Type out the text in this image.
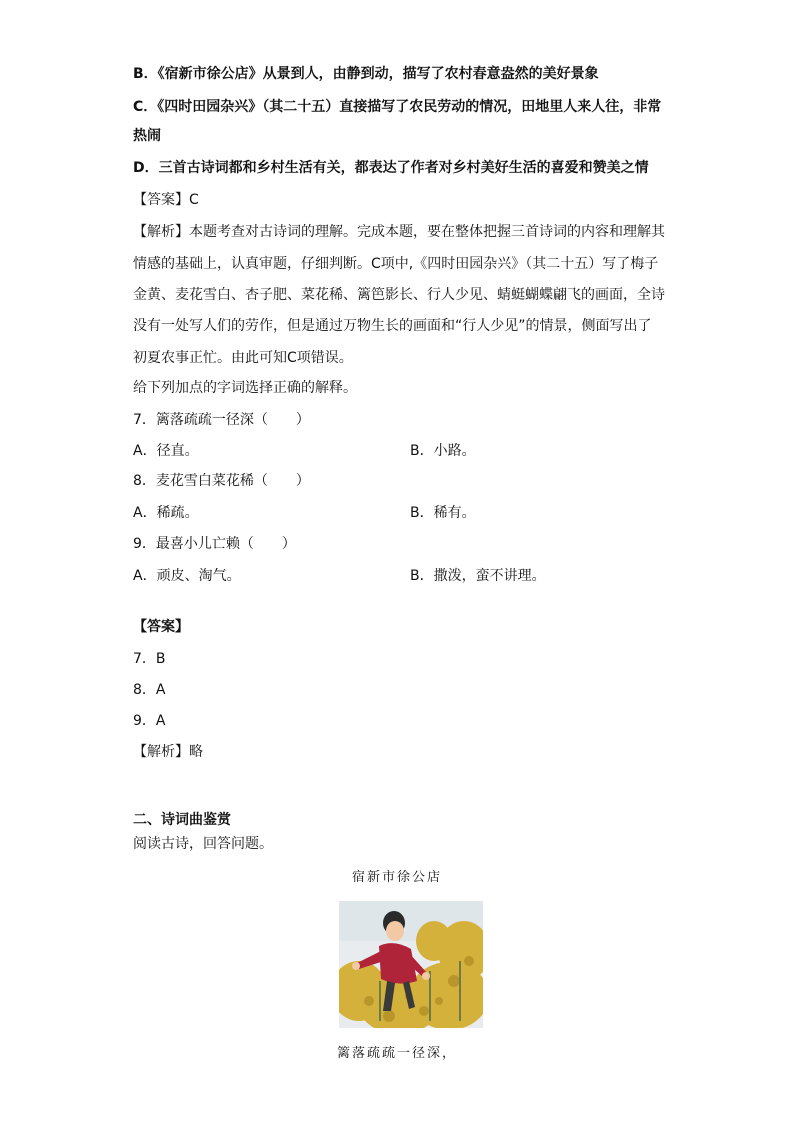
B．《宿新市徐公店》从景到人，由静到动，描写了农村春意盎然的美好景象
C．《四时田园杂兴》（其二十五）直接描写了农民劳动的情况，田地里人来人往，非常
热闹
D．三首古诗词都和乡村生活有关，都表达了作者对乡村美好生活的喜爱和赞美之情
【答案】C
【解析】本题考查对古诗词的理解。完成本题，要在整体把握三首诗词的内容和理解其
情感的基础上，认真审题，仔细判断。C项中,《四时田园杂兴》（其二十五）写了梅子
金黄、麦花雪白、杏子肥、菜花稀、篱笆影长、行人少见、蜻蜓蝴蝶翩飞的画面，全诗
没有一处写人们的劳作，但是通过万物生长的画面和“行人少见”的情景，侧面写出了
初夏农事正忙。由此可知C项错误。
给下列加点的字词选择正确的解释。
7．篱落疏疏一径深（　　）
A．径直。	B．小路。
8．麦花雪白菜花稀（　　）
A．稀疏。	B．稀有。
9．最喜小儿亡赖（　　）
A．顽皮、淘气。	B．撒泼，蛮不讲理。
【答案】
7．B
8．A
9．A
【解析】略
二、诗词曲鉴赏
阅读古诗，回答问题。
宿新市徐公店
篱落疏疏一径深，
